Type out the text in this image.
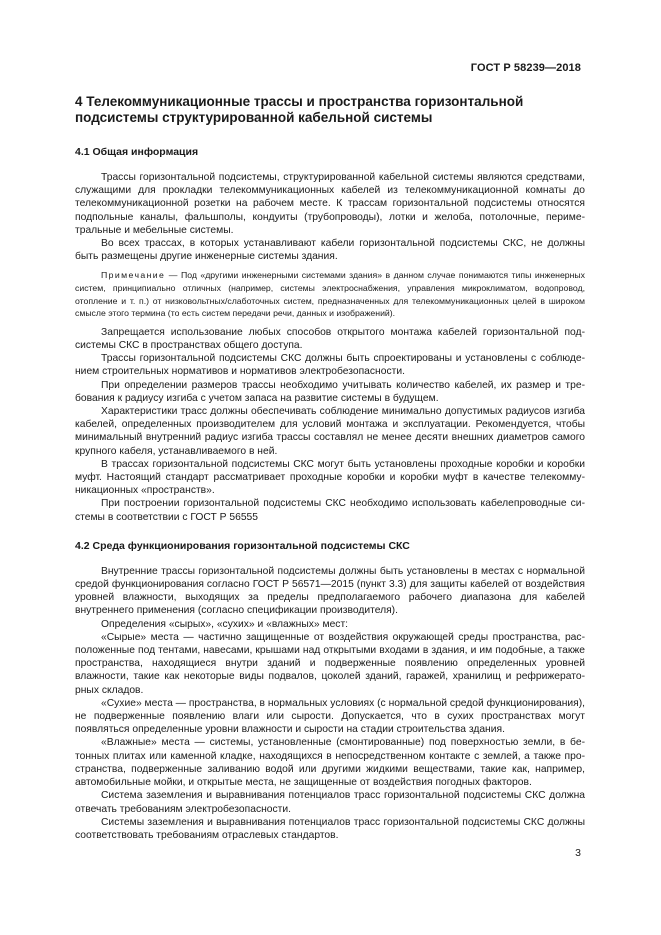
ГОСТ Р 58239—2018
4 Телекоммуникационные трассы и пространства горизонтальной подсистемы структурированной кабельной системы
4.1 Общая информация

Трассы горизонтальной подсистемы, структурированной кабельной системы являются средствами, служащими для прокладки телекоммуникационных кабелей из телекоммуникационной комнаты до телекоммуникационной розетки на рабочем месте. К трассам горизонтальной подсистемы относятся подпольные каналы, фальшполы, кондуиты (трубопроводы), лотки и желоба, потолочные, периметральные и мебельные системы.

Во всех трассах, в которых устанавливают кабели горизонтальной подсистемы СКС, не должны быть размещены другие инженерные системы здания.

Примечание — Под «другими инженерными системами здания» в данном случае понимаются типы инженерных систем, принципиально отличных (например, системы электроснабжения, управления микроклиматом, водопровод, отопление и т. п.) от низковольтных/слаботочных систем, предназначенных для телекоммуникационных целей в широком смысле этого термина (то есть систем передачи речи, данных и изображений).

Запрещается использование любых способов открытого монтажа кабелей горизонтальной подсистемы СКС в пространствах общего доступа.

Трассы горизонтальной подсистемы СКС должны быть спроектированы и установлены с соблюдением строительных нормативов и нормативов электробезопасности.

При определении размеров трассы необходимо учитывать количество кабелей, их размер и требования к радиусу изгиба с учетом запаса на развитие системы в будущем.

Характеристики трасс должны обеспечивать соблюдение минимально допустимых радиусов изгиба кабелей, определенных производителем для условий монтажа и эксплуатации. Рекомендуется, чтобы минимальный внутренний радиус изгиба трассы составлял не менее десяти внешних диаметров самого крупного кабеля, устанавливаемого в ней.

В трассах горизонтальной подсистемы СКС могут быть установлены проходные коробки и коробки муфт. Настоящий стандарт рассматривает проходные коробки и коробки муфт в качестве телекоммуникационных «пространств».

При построении горизонтальной подсистемы СКС необходимо использовать кабелепроводные системы в соответствии с ГОСТ Р 56555

4.2 Среда функционирования горизонтальной подсистемы СКС

Внутренние трассы горизонтальной подсистемы должны быть установлены в местах с нормальной средой функционирования согласно ГОСТ Р 56571—2015 (пункт 3.3) для защиты кабелей от воздействия уровней влажности, выходящих за пределы предполагаемого рабочего диапазона для кабелей внутреннего применения (согласно спецификации производителя).

Определения «сырых», «сухих» и «влажных» мест:

«Сырые» места — частично защищенные от воздействия окружающей среды пространства, расположенные под тентами, навесами, крышами над открытыми входами в здания, и им подобные, а также пространства, находящиеся внутри зданий и подверженные появлению определенных уровней влажности, такие как некоторые виды подвалов, цоколей зданий, гаражей, хранилищ и рефрижераторных складов.

«Сухие» места — пространства, в нормальных условиях (с нормальной средой функционирования), не подверженные появлению влаги или сырости. Допускается, что в сухих пространствах могут появляться определенные уровни влажности и сырости на стадии строительства здания.

«Влажные» места — системы, установленные (смонтированные) под поверхностью земли, в бетонных плитах или каменной кладке, находящихся в непосредственном контакте с землей, а также пространства, подверженные заливанию водой или другими жидкими веществами, такие как, например, автомобильные мойки, и открытые места, не защищенные от воздействия погодных факторов.

Система заземления и выравнивания потенциалов трасс горизонтальной подсистемы СКС должна отвечать требованиям электробезопасности.

Системы заземления и выравнивания потенциалов трасс горизонтальной подсистемы СКС должны соответствовать требованиям отраслевых стандартов.

3
